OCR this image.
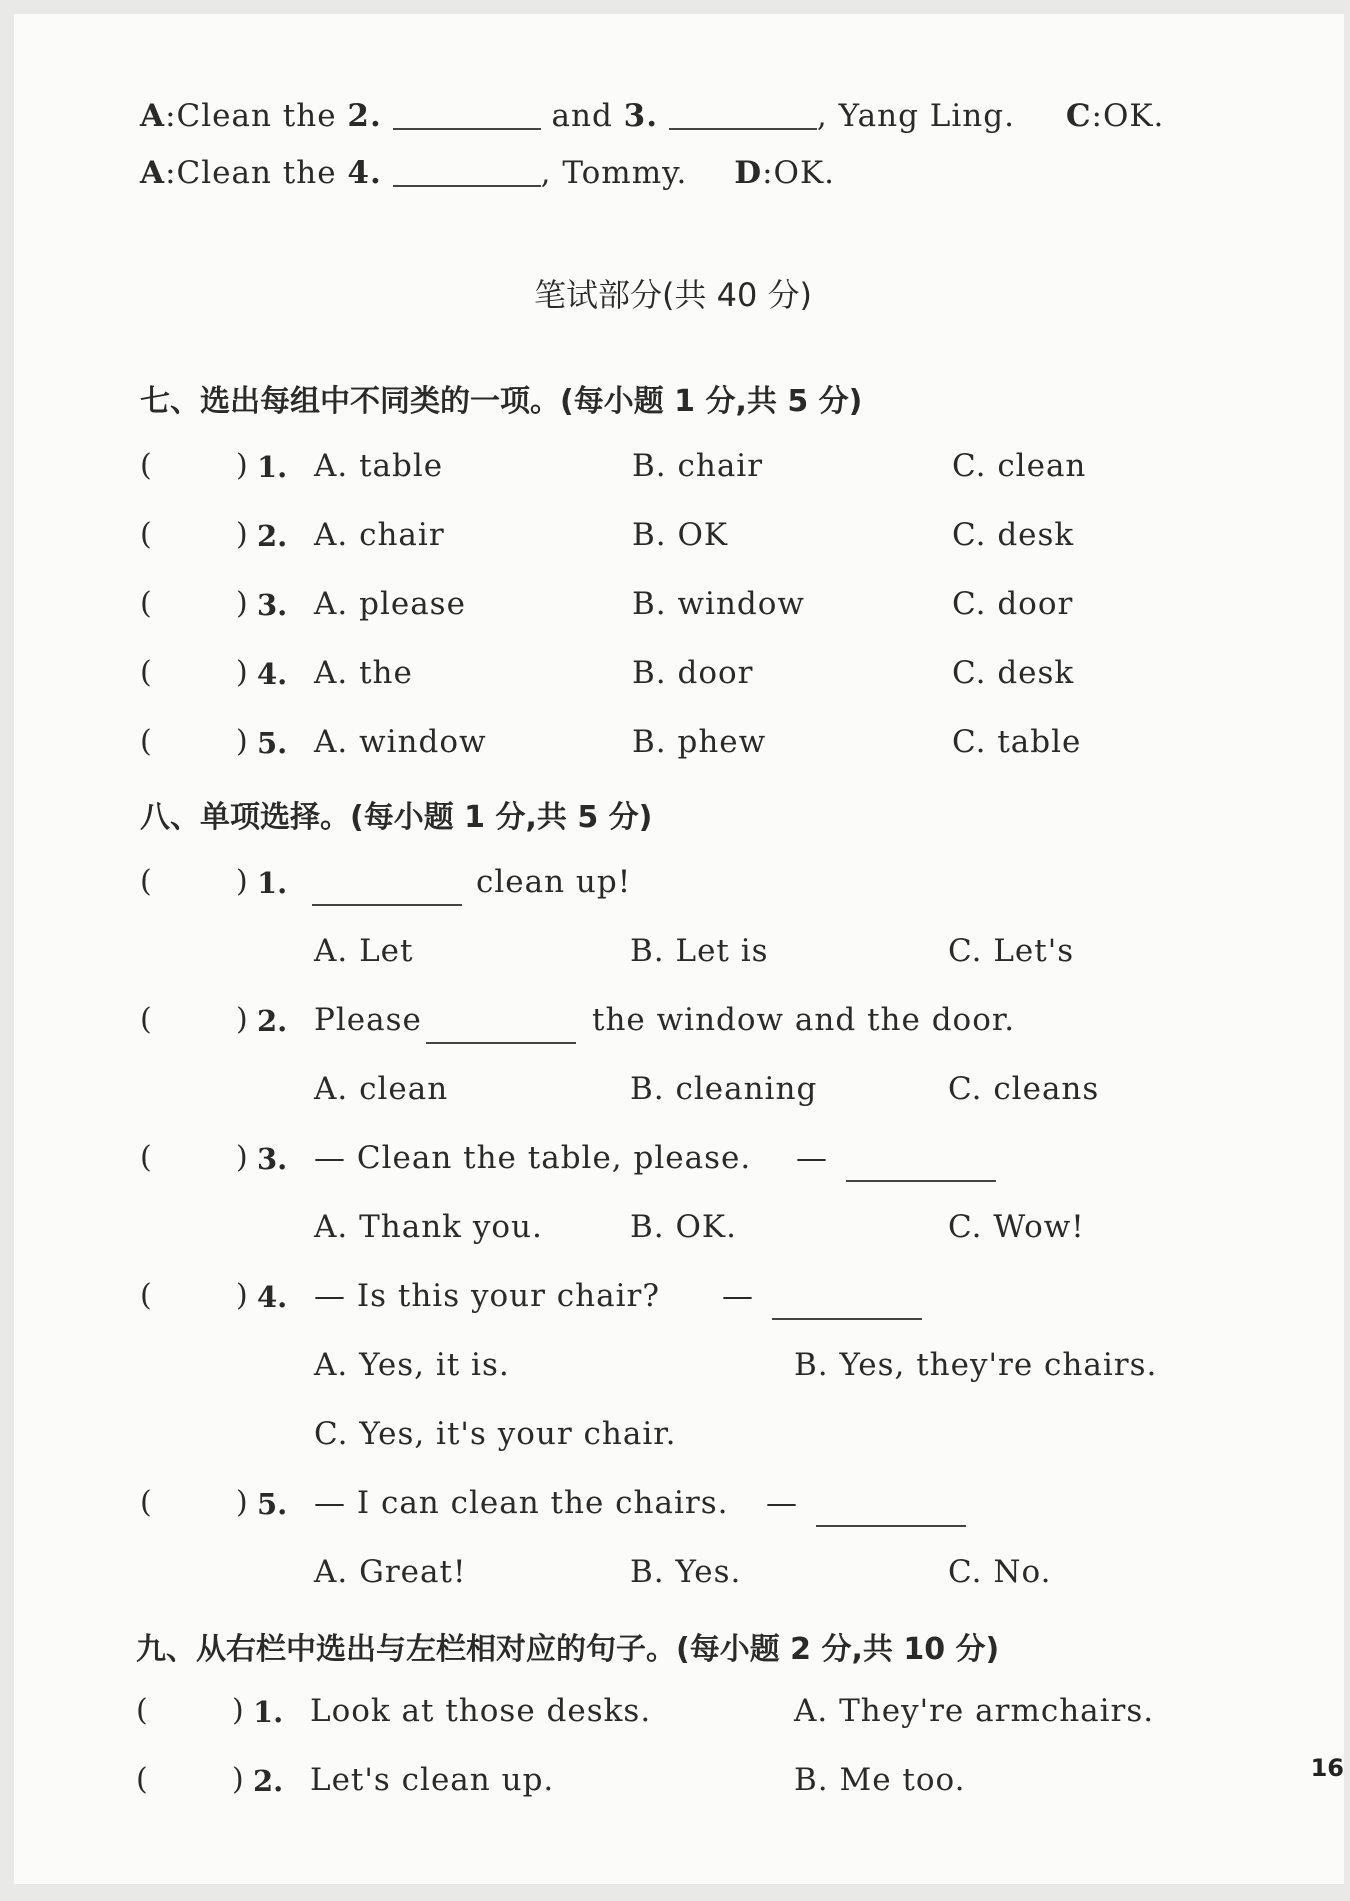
A:Clean the 2.	and 3.	, Yang Ling. C:OK.
A:Clean the 4.	, Tommy. D:OK.
笔试部分(共 40 分)
七、选出每组中不同类的一项。(每小题 1 分,共 5 分)
(	) 1. A. table	B. chair	C. clean
(	) 2. A. chair	B. OK	C. desk
(	) 3. A. please	B. window	C. door
(	) 4. A. the	B. door	C. desk
(	) 5. A. window	B. phew	C. table
八、单项选择。(每小题 1 分,共 5 分)
(	) 1.	clean up!
A. Let	B. Let is	C. Let's
(	) 2. Please	the window and the door.
A. clean	B. cleaning	C. cleans
(	) 3. — Clean the table, please. —
A. Thank you.	B. OK.	C. Wow!
(	) 4. — Is this your chair? —
A. Yes, it is.	B. Yes, they're chairs.
C. Yes, it's your chair.
(	) 5. — I can clean the chairs. —
A. Great!	B. Yes.	C. No.
九、从右栏中选出与左栏相对应的句子。(每小题 2 分,共 10 分)
(	) 1. Look at those desks.	A. They're armchairs.
(	) 2. Let's clean up.	B. Me too.	16
